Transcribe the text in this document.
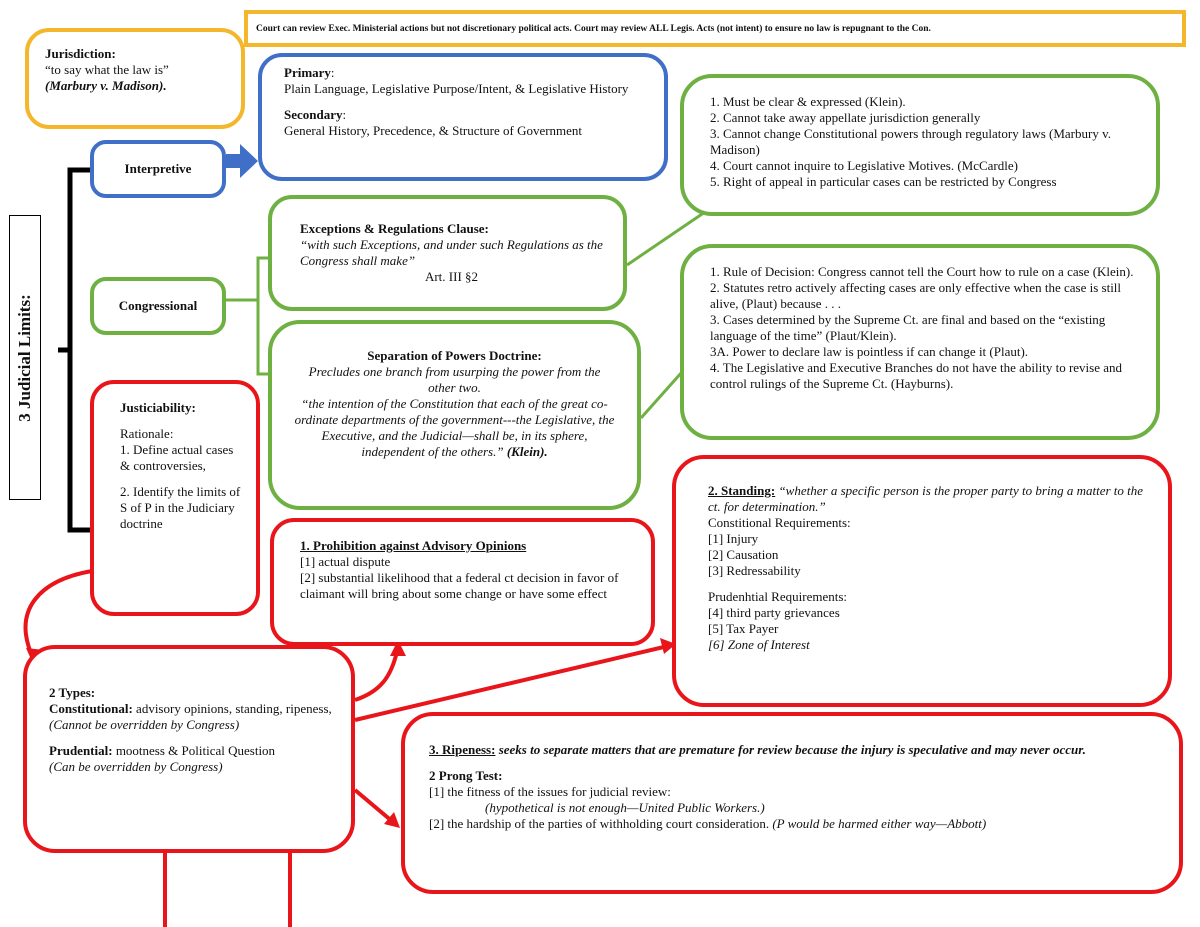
Court can review Exec. Ministerial actions but not discretionary political acts. Court may review ALL Legis. Acts (not intent) to ensure no law is repugnant to the Con.
Jurisdiction:
“to say what the law is”
(Marbury v. Madison).
3 Judicial Limits:
Interpretive
Primary:
Plain Language, Legislative Purpose/Intent, & Legislative History
Secondary:
General History, Precedence, & Structure of Government
1. Must be clear & expressed (Klein).
2. Cannot take away appellate jurisdiction generally
3. Cannot change Constitutional powers through regulatory laws (Marbury v. Madison)
4. Court cannot inquire to Legislative Motives. (McCardle)
5. Right of appeal in particular cases can be restricted by Congress
Exceptions & Regulations Clause:
“with such Exceptions, and under such Regulations as the Congress shall make”
Art. III §2
Congressional
Separation of Powers Doctrine:
Precludes one branch from usurping the power from the other two.
“the intention of the Constitution that each of the great co-ordinate departments of the government---the Legislative, the Executive, and the Judicial—shall be, in its sphere, independent of the others.” (Klein).
1. Rule of Decision: Congress cannot tell the Court how to rule on a case (Klein).
2. Statutes retro actively affecting cases are only effective when the case is still alive, (Plaut) because . . .
3. Cases determined by the Supreme Ct. are final and based on the “existing language of the time” (Plaut/Klein).
3A. Power to declare law is pointless if can change it (Plaut).
4. The Legislative and Executive Branches do not have the ability to revise and control rulings of the Supreme Ct. (Hayburns).
Justiciability:
Rationale:
1. Define actual cases & controversies,
2. Identify the limits of S of P in the Judiciary doctrine
1. Prohibition against Advisory Opinions
[1] actual dispute
[2] substantial likelihood that a federal ct decision in favor of claimant will bring about some change or have some effect
2. Standing: “whether a specific person is the proper party to bring a matter to the ct. for determination.”
Constitional Requirements:
[1] Injury
[2] Causation
[3] Redressability
Prudenhtial Requirements:
[4] third party grievances
[5] Tax Payer
[6] Zone of Interest
2 Types:
Constitutional: advisory opinions, standing, ripeness,
(Cannot be overridden by Congress)
Prudential: mootness & Political Question
(Can be overridden by Congress)
3. Ripeness: seeks to separate matters that are premature for review because the injury is speculative and may never occur.
2 Prong Test:
[1] the fitness of the issues for judicial review:
(hypothetical is not enough—United Public Workers.)
[2] the hardship of the parties of withholding court consideration. (P would be harmed either way—Abbott)
